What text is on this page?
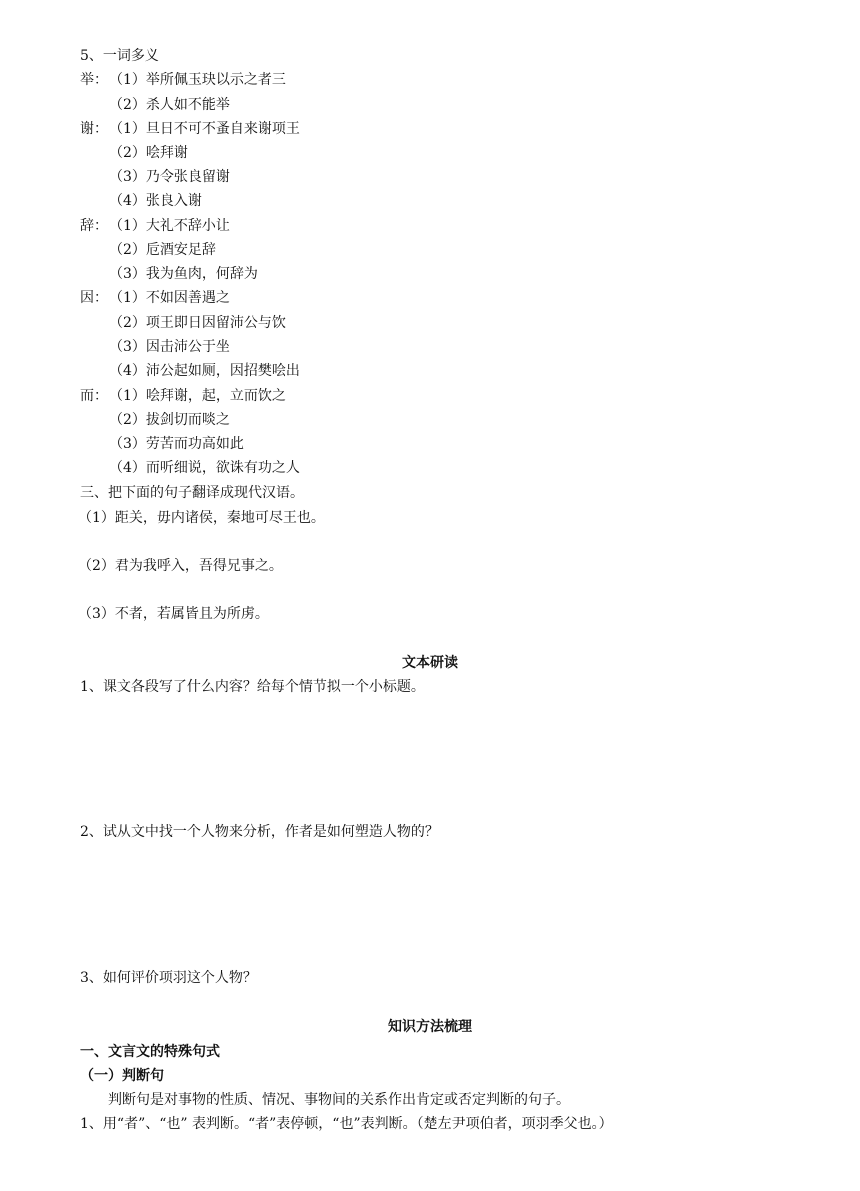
5、一词多义
举： （1）举所佩玉玦以示之者三
（2）杀人如不能举
谢： （1）旦日不可不蚤自来谢项王
（2）哙拜谢
（3）乃令张良留谢
（4）张良入谢
辞： （1）大礼不辞小让
（2）卮酒安足辞
（3）我为鱼肉，何辞为
因： （1）不如因善遇之
（2）项王即日因留沛公与饮
（3）因击沛公于坐
（4）沛公起如厕，因招樊哙出
而： （1）哙拜谢，起，立而饮之
（2）拔剑切而啖之
（3）劳苦而功高如此
（4）而听细说，欲诛有功之人
三、把下面的句子翻译成现代汉语。
（1）距关，毋内诸侯，秦地可尽王也。
（2）君为我呼入，吾得兄事之。
（3）不者，若属皆且为所虏。
文本研读
1、课文各段写了什么内容？给每个情节拟一个小标题。
2、试从文中找一个人物来分析，作者是如何塑造人物的？
3、如何评价项羽这个人物？
知识方法梳理
一、文言文的特殊句式
（一）判断句
判断句是对事物的性质、情况、事物间的关系作出肯定或否定判断的句子。
1、用“者”、“也” 表判断。“者”表停顿，“也”表判断。（楚左尹项伯者，项羽季父也。）
